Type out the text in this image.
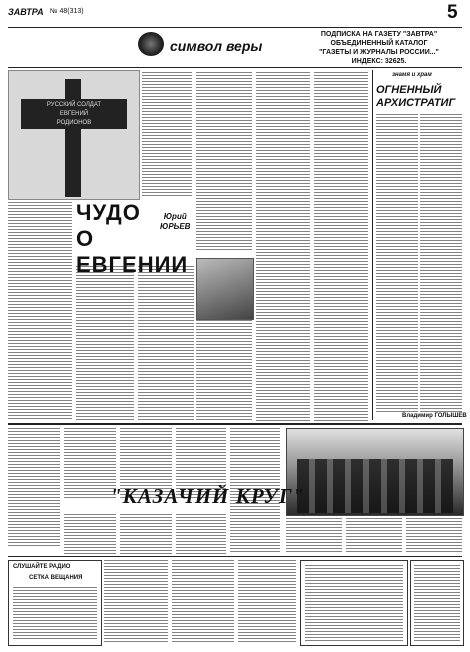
ЗАВТРА № 48(313)	5
символ веры
ПОДПИСКА НА ГАЗЕТУ "ЗАВТРА"
ОБЪЕДИНЕННЫЙ КАТАЛОГ
"ГАЗЕТЫ И ЖУРНАЛЫ РОССИИ..."
ИНДЕКС: 32625.
РУССКИЙ СОЛДАТ
ЕВГЕНИЙ
РОДИОНОВ
ЧУДО
О ЕВГЕНИИ
Юрий
ЮРЬЕВ
знамя и храм
ОГНЕННЫЙ
АРХИСТРАТИГ
Владимир ГОЛЫШЕВ
"КАЗАЧИЙ КРУГ"
СЛУШАЙТЕ РАДИО
СЕТКА ВЕЩАНИЯ
